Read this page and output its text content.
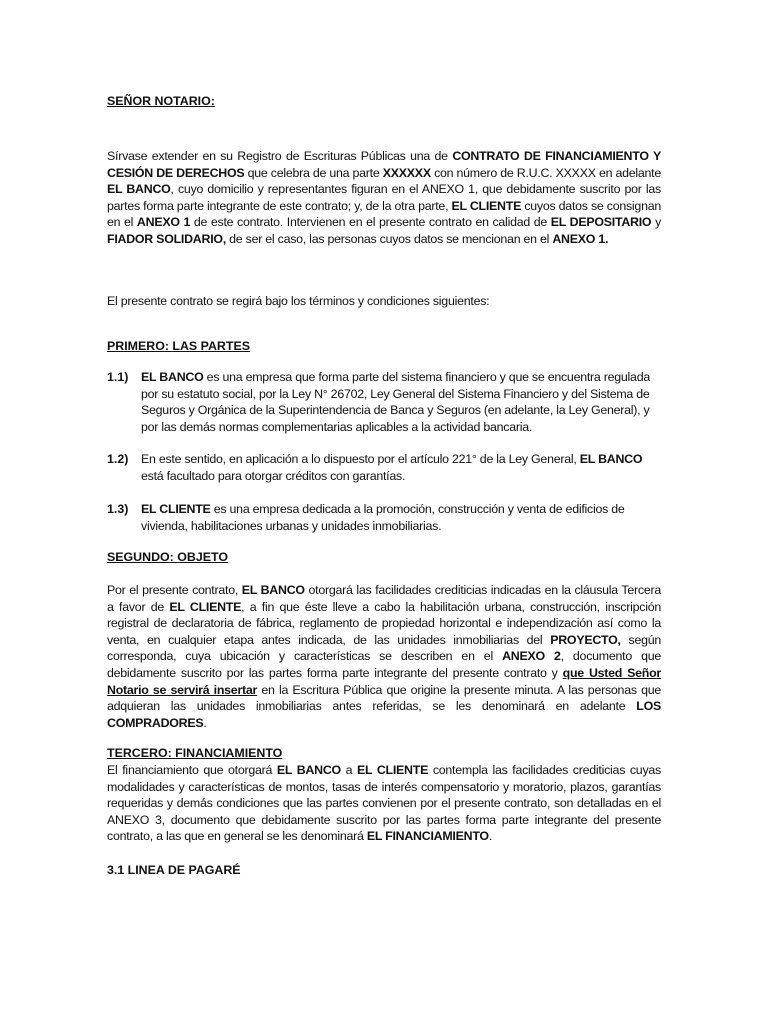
SEÑOR NOTARIO:
Sírvase extender en su Registro de Escrituras Públicas una de CONTRATO DE FINANCIAMIENTO Y CESIÓN DE DERECHOS que celebra de una parte XXXXXX con número de R.U.C. XXXXX en adelante EL BANCO, cuyo domicilio y representantes figuran en el ANEXO 1, que debidamente suscrito por las partes forma parte integrante de este contrato; y, de la otra parte, EL CLIENTE cuyos datos se consignan en el ANEXO 1 de este contrato. Intervienen en el presente contrato en calidad de EL DEPOSITARIO y FIADOR SOLIDARIO, de ser el caso, las personas cuyos datos se mencionan en el ANEXO 1.
El presente contrato se regirá bajo los términos y condiciones siguientes:
PRIMERO: LAS PARTES
1.1) EL BANCO es una empresa que forma parte del sistema financiero y que se encuentra regulada por su estatuto social, por la Ley N° 26702, Ley General del Sistema Financiero y del Sistema de Seguros y Orgánica de la Superintendencia de Banca y Seguros (en adelante, la Ley General), y por las demás normas complementarias aplicables a la actividad bancaria.
1.2) En este sentido, en aplicación a lo dispuesto por el artículo 221° de la Ley General, EL BANCO está facultado para otorgar créditos con garantías.
1.3) EL CLIENTE es una empresa dedicada a la promoción, construcción y venta de edificios de vivienda, habilitaciones urbanas y unidades inmobiliarias.
SEGUNDO: OBJETO
Por el presente contrato, EL BANCO otorgará las facilidades crediticias indicadas en la cláusula Tercera a favor de EL CLIENTE, a fin que éste lleve a cabo la habilitación urbana, construcción, inscripción registral de declaratoria de fábrica, reglamento de propiedad horizontal e independización así como la venta, en cualquier etapa antes indicada, de las unidades inmobiliarias del PROYECTO, según corresponda, cuya ubicación y características se describen en el ANEXO 2, documento que debidamente suscrito por las partes forma parte integrante del presente contrato y que Usted Señor Notario se servirá insertar en la Escritura Pública que origine la presente minuta. A las personas que adquieran las unidades inmobiliarias antes referidas, se les denominará en adelante LOS COMPRADORES.
TERCERO: FINANCIAMIENTO
El financiamiento que otorgará EL BANCO a EL CLIENTE contempla las facilidades crediticias cuyas modalidades y características de montos, tasas de interés compensatorio y moratorio, plazos, garantías requeridas y demás condiciones que las partes convienen por el presente contrato, son detalladas en el ANEXO 3, documento que debidamente suscrito por las partes forma parte integrante del presente contrato, a las que en general se les denominará EL FINANCIAMIENTO.
3.1 LINEA DE PAGARÉ
